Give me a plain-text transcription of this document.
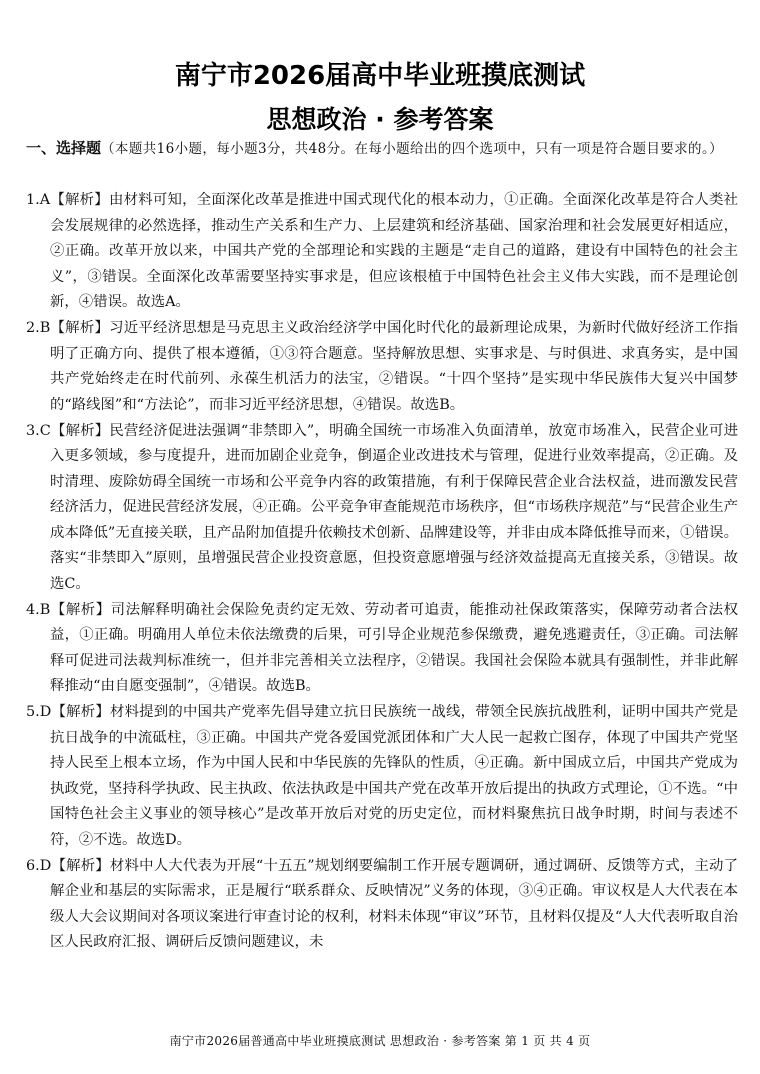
南宁市2026届高中毕业班摸底测试
思想政治 · 参考答案
一、选择题（本题共16小题，每小题3分，共48分。在每小题给出的四个选项中，只有一项是符合题目要求的。）

1.A【解析】由材料可知，全面深化改革是推进中国式现代化的根本动力，①正确。全面深化改革是符合人类社会发展规律的必然选择，推动生产关系和生产力、上层建筑和经济基础、国家治理和社会发展更好相适应，②正确。改革开放以来，中国共产党的全部理论和实践的主题是“走自己的道路，建设有中国特色的社会主义”，③错误。全面深化改革需要坚持实事求是，但应该根植于中国特色社会主义伟大实践，而不是理论创新，④错误。故选A。

2.B【解析】习近平经济思想是马克思主义政治经济学中国化时代化的最新理论成果，为新时代做好经济工作指明了正确方向、提供了根本遵循，①③符合题意。坚持解放思想、实事求是、与时俱进、求真务实，是中国共产党始终走在时代前列、永葆生机活力的法宝，②错误。“十四个坚持”是实现中华民族伟大复兴中国梦的“路线图”和“方法论”，而非习近平经济思想，④错误。故选B。

3.C【解析】民营经济促进法强调“非禁即入”，明确全国统一市场准入负面清单，放宽市场准入，民营企业可进入更多领域，参与度提升，进而加剧企业竞争，倒逼企业改进技术与管理，促进行业效率提高，②正确。及时清理、废除妨碍全国统一市场和公平竞争内容的政策措施，有利于保障民营企业合法权益，进而激发民营经济活力，促进民营经济发展，④正确。公平竞争审查能规范市场秩序，但“市场秩序规范”与“民营企业生产成本降低”无直接关联，且产品附加值提升依赖技术创新、品牌建设等，并非由成本降低推导而来，①错误。落实“非禁即入”原则，虽增强民营企业投资意愿，但投资意愿增强与经济效益提高无直接关系，③错误。故选C。

4.B【解析】司法解释明确社会保险免责约定无效、劳动者可追责，能推动社保政策落实，保障劳动者合法权益，①正确。明确用人单位未依法缴费的后果，可引导企业规范参保缴费，避免逃避责任，③正确。司法解释可促进司法裁判标准统一，但并非完善相关立法程序，②错误。我国社会保险本就具有强制性，并非此解释推动“由自愿变强制”，④错误。故选B。

5.D【解析】材料提到的中国共产党率先倡导建立抗日民族统一战线，带领全民族抗战胜利，证明中国共产党是抗日战争的中流砥柱，③正确。中国共产党各爱国党派团体和广大人民一起救亡图存，体现了中国共产党坚持人民至上根本立场，作为中国人民和中华民族的先锋队的性质，④正确。新中国成立后，中国共产党成为执政党，坚持科学执政、民主执政、依法执政是中国共产党在改革开放后提出的执政方式理论，①不选。“中国特色社会主义事业的领导核心”是改革开放后对党的历史定位，而材料聚焦抗日战争时期，时间与表述不符，②不选。故选D。

6.D【解析】材料中人大代表为开展“十五五”规划纲要编制工作开展专题调研，通过调研、反馈等方式，主动了解企业和基层的实际需求，正是履行“联系群众、反映情况”义务的体现，③④正确。审议权是人大代表在本级人大会议期间对各项议案进行审查讨论的权利，材料未体现“审议”环节，且材料仅提及“人大代表听取自治区人民政府汇报、调研后反馈问题建议，未

南宁市2026届普通高中毕业班摸底测试 思想政治 · 参考答案 第 1 页 共 4 页
